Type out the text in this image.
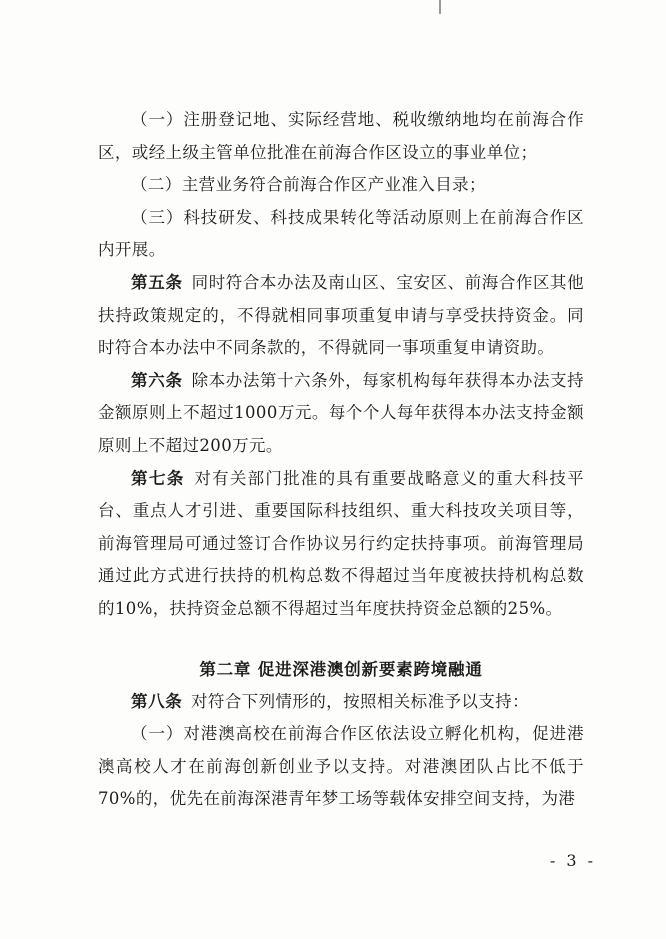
（一）注册登记地、实际经营地、税收缴纳地均在前海合作区，或经上级主管单位批准在前海合作区设立的事业单位；

（二）主营业务符合前海合作区产业准入目录；

（三）科技研发、科技成果转化等活动原则上在前海合作区内开展。

第五条  同时符合本办法及南山区、宝安区、前海合作区其他扶持政策规定的，不得就相同事项重复申请与享受扶持资金。同时符合本办法中不同条款的，不得就同一事项重复申请资助。

第六条  除本办法第十六条外，每家机构每年获得本办法支持金额原则上不超过1000万元。每个个人每年获得本办法支持金额原则上不超过200万元。

第七条  对有关部门批准的具有重要战略意义的重大科技平台、重点人才引进、重要国际科技组织、重大科技攻关项目等，前海管理局可通过签订合作协议另行约定扶持事项。前海管理局通过此方式进行扶持的机构总数不得超过当年度被扶持机构总数的10%，扶持资金总额不得超过当年度扶持资金总额的25%。

第二章 促进深港澳创新要素跨境融通

第八条  对符合下列情形的，按照相关标准予以支持：

（一）对港澳高校在前海合作区依法设立孵化机构，促进港澳高校人才在前海创新创业予以支持。对港澳团队占比不低于70%的，优先在前海深港青年梦工场等载体安排空间支持，为港

- 3 -
